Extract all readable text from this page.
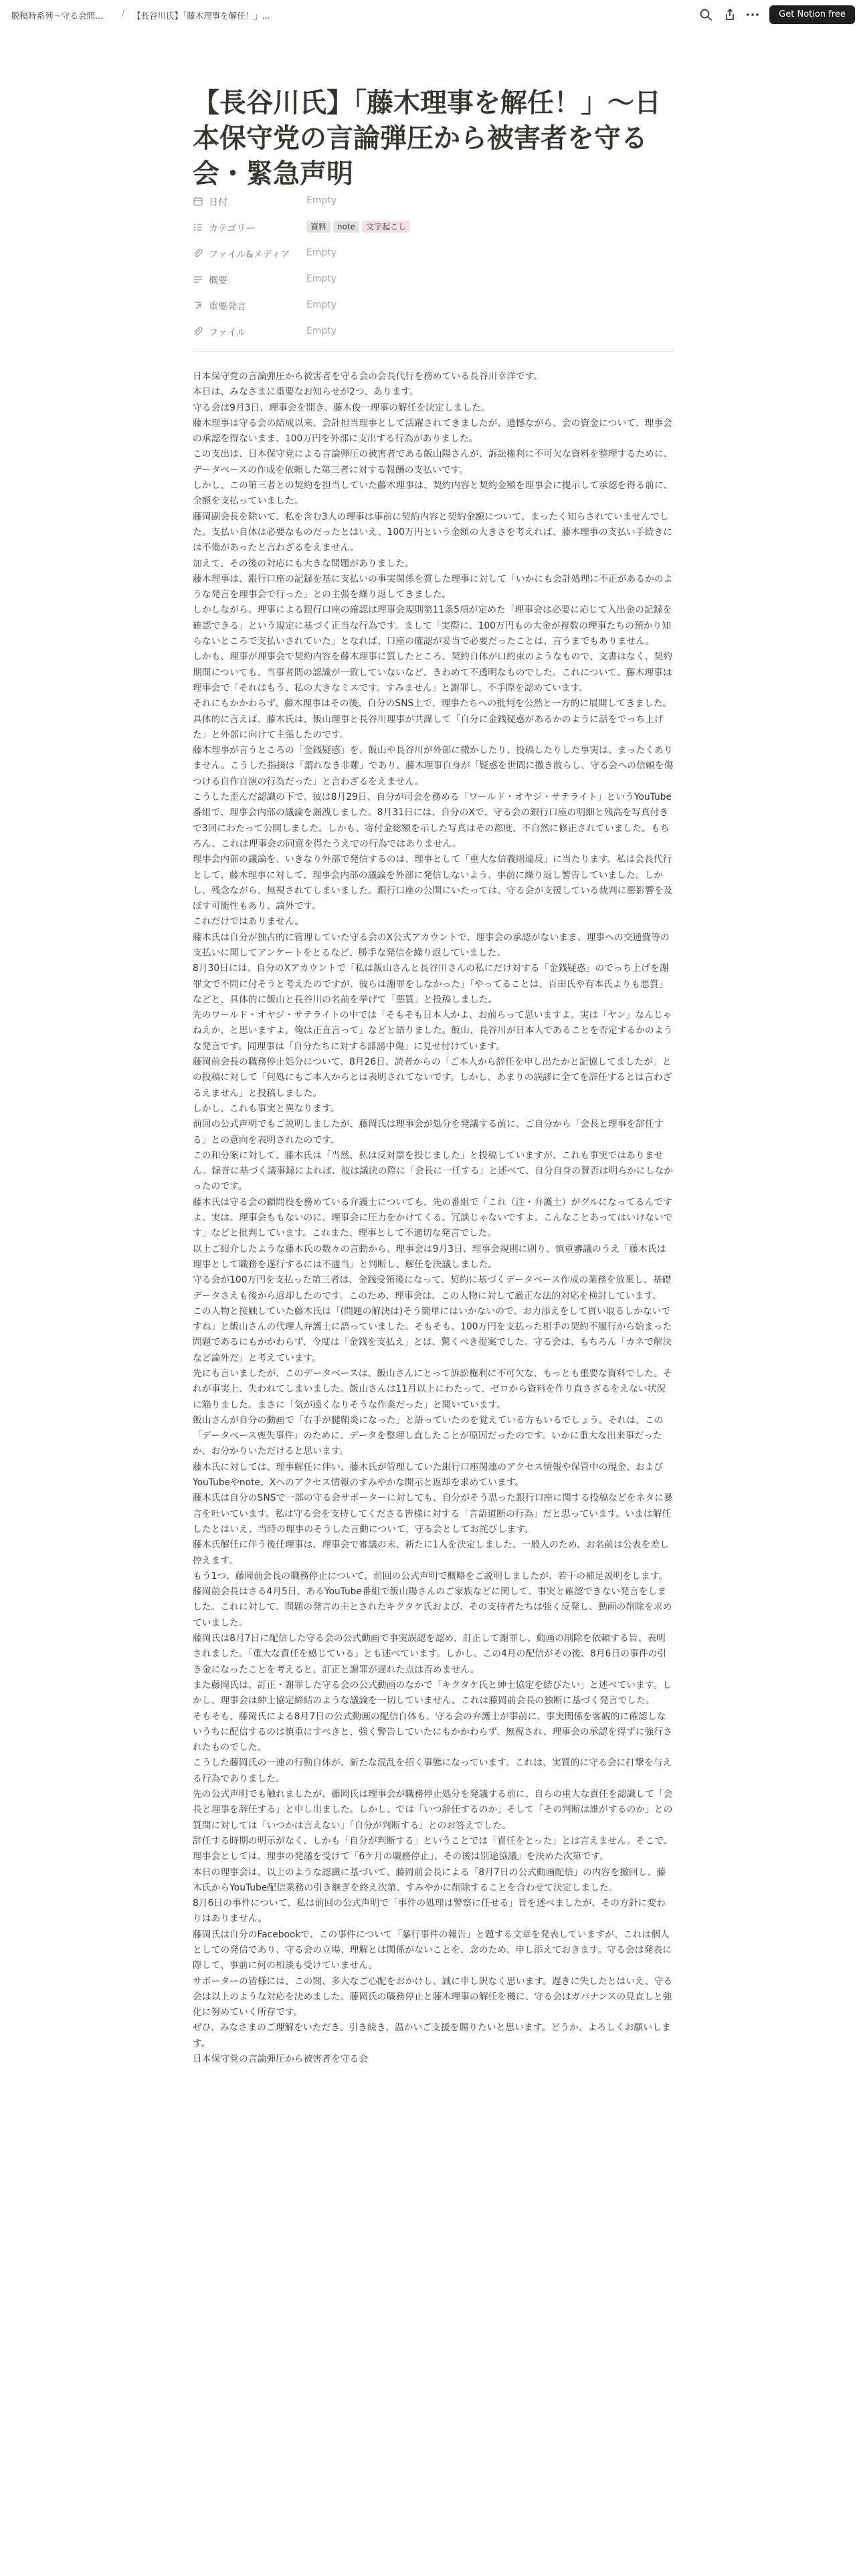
脱稿時系列～守る会問... / 【長谷川氏】「藤木理事を解任！」...	Get Notion free
【長谷川氏】「藤木理事を解任！」〜日本保守党の言論弾圧から被害者を守る会・緊急声明
日付	Empty
カテゴリー	資料 note 文字起こし
ファイル&メディア Empty
概要	Empty
重要発言	Empty
ファイル	Empty

日本保守党の言論弾圧から被害者を守る会の会長代行を務めている長谷川幸洋です。

本日は、みなさまに重要なお知らせが2つ、あります。

守る会は9月3日、理事会を開き、藤木俊一理事の解任を決定しました。

藤木理事は守る会の結成以来、会計担当理事として活躍されてきましたが、遺憾ながら、会の資金について、理事会の承認を得ないまま、100万円を外部に支出する行為がありました。

この支出は、日本保守党による言論弾圧の被害者である飯山陽さんが、訴訟権利に不可欠な資料を整理するために、データベースの作成を依頼した第三者に対する報酬の支払いです。

しかし、この第三者との契約を担当していた藤木理事は、契約内容と契約金額を理事会に提示して承認を得る前に、全額を支払っていました。

藤岡副会長を除いて、私を含む3人の理事は事前に契約内容と契約金額について、まったく知らされていませんでした。支払い自体は必要なものだったとはいえ、100万円という金額の大きさを考えれば、藤木理事の支払い手続きには不備があったと言わざるをえません。

加えて、その後の対応にも大きな問題がありました。

藤木理事は、銀行口座の記録を基に支払いの事実関係を質した理事に対して「いかにも会計処理に不正があるかのような発言を理事会で行った」との主張を繰り返してきました。

しかしながら、理事による銀行口座の確認は理事会規則第11条5項が定めた「理事会は必要に応じて入出金の記録を確認できる」という規定に基づく正当な行為です。まして「実際に、100万円もの大金が複数の理事たちの預かり知らないところで支払いされていた」となれば、口座の確認が妥当で必要だったことは、言うまでもありません。

しかも、理事が理事会で契約内容を藤木理事に質したところ、契約自体が口約束のようなもので、文書はなく、契約期間についても、当事者間の認識が一致していないなど、きわめて不透明なものでした。これについて、藤木理事は理事会で「それはもう、私の大きなミスです。すみません」と謝罪し、不手際を認めています。

それにもかかわらず、藤木理事はその後、自分のSNS上で、理事たちへの批判を公然と一方的に展開してきました。具体的に言えば、藤木氏は、飯山理事と長谷川理事が共謀して「自分に金銭疑惑があるかのように話をでっち上げた」と外部に向けて主張したのです。

藤木理事が言うところの「金銭疑惑」を、飯山や長谷川が外部に撒かしたり、投稿したりした事実は、まったくありません。こうした指摘は「謂れなき非難」であり、藤木理事自身が「疑惑を世間に撒き散らし、守る会への信頼を傷つける自作自演の行為だった」と言わざるをえません。

こうした歪んだ認識の下で、彼は8月29日、自分が司会を務める「ワールド・オヤジ・サテライト」というYouTube番組で、理事会内部の議論を漏洩しました。8月31日には、自分のXで、守る会の銀行口座の明細と残高を写真付きで3回にわたって公開しました。しかも、寄付金総額を示した写真はその都度、不自然に修正されていました。もちろん、これは理事会の同意を得たうえでの行為ではありません。

理事会内部の議論を、いきなり外部で発信するのは、理事として「重大な信義則違反」に当たります。私は会長代行として、藤木理事に対して、理事会内部の議論を外部に発信しないよう、事前に繰り返し警告していました。しかし、残念ながら、無視されてしまいました。銀行口座の公開にいたっては、守る会が支援している裁判に悪影響を及ぼす可能性もあり、論外です。

これだけではありません。

藤木氏は自分が独占的に管理していた守る会のX公式アカウントで、理事会の承認がないまま、理事への交通費等の支払いに関してアンケートをとるなど、勝手な発信を繰り返していました。

8月30日には、自分のXアカウントで「私は飯山さんと長谷川さんの私にだけ対する「金銭疑惑」のでっち上げを謝罪文で不問に付そうと考えたのですが、彼らは謝罪をしなかった」「やってることは、百田氏や有本氏よりも悪質」などと、具体的に飯山と長谷川の名前を挙げて「悪質」と投稿しました。

先のワールド・オヤジ・サテライトの中では「そもそも日本人かよ、お前らって思いますよ。実は「ヤン」なんじゃねえか、と思いますよ。俺は正直言って」などと語りました。飯山、長谷川が日本人であることを否定するかのような発言です。同理事は「自分たちに対する誹謗中傷」に見せ付けています。

藤岡前会長の職務停止処分について、8月26日、読者からの「ご本人から辞任を申し出たかと記憶してましたが」との投稿に対して「何処にもご本人からとは表明されてないです。しかし、あまりの誤謬に全てを辞任するとは言わざるえません」と投稿しました。

しかし、これも事実と異なります。

前回の公式声明でもご説明しましたが、藤岡氏は理事会が処分を発議する前に、ご自分から「会長と理事を辞任する」との意向を表明されたのです。

この和分案に対して、藤木氏は「当然、私は反対票を投じました」と投稿していますが、これも事実ではありません。録音に基づく議事録によれば、彼は議決の際に「会長に一任する」と述べて、自分自身の賛否は明らかにしなかったのです。

藤木氏は守る会の顧問役を務めている弁護士についても、先の番組で「これ（注・弁護士）がグルになってるんですよ、実は。理事会ももないのに、理事会に圧力をかけてくる。冗談じゃないですよ。こんなことあってはいけないです」などと批判しています。これまた、理事として不適切な発言でした。

以上ご紹介したような藤木氏の数々の言動から、理事会は9月3日、理事会規則に則り、慎重審議のうえ「藤木氏は理事として職務を遂行するには不適当」と判断し、解任を決議しました。

守る会が100万円を支払った第三者は、金銭受領後になって、契約に基づくデータベース作成の業務を放棄し、基礎データさえも後から返却したのです。このため、理事会は、この人物に対して厳正な法的対応を検討しています。

この人物と接触していた藤木氏は「(問題の解決は)そう簡単にはいかないので、お力添えをして買い取るしかないですね」と飯山さんの代理人弁護士に語っていました。そもそも、100万円を支払った相手の契約不履行から始まった問題であるにもかかわらず、今度は「金銭を支払え」とは、驚くべき提案でした。守る会は、もちろん「カネで解決など論外だ」と考えています。

先にも言いましたが、このデータベースは、飯山さんにとって訴訟権利に不可欠な、もっとも重要な資料でした。それが事実上、失われてしまいました。飯山さんは11月以上にわたって、ゼロから資料を作り直さざるをえない状況に陥りました。まさに「気が遠くなりそうな作業だった」と聞いています。

飯山さんが自分の動画で「右手が腱鞘炎になった」と語っていたのを覚えている方もいるでしょう。それは、この「データベース喪失事件」のために、データを整理し直したことが原因だったのです。いかに重大な出来事だったか、お分かりいただけると思います。

藤木氏に対しては、理事解任に伴い、藤木氏が管理していた銀行口座関連のアクセス情報や保管中の現金、およびYouTubeやnote、Xへのアクセス情報のすみやかな開示と返却を求めています。

藤木氏は自分のSNSで一部の守る会サポーターに対しても、自分がそう思った銀行口座に関する投稿などをネタに暴言を吐いています。私は守る会を支持してくださる皆様に対する「言語道断の行為」だと思っています。いまは解任したとはいえ、当時の理事のそうした言動について、守る会としてお詫びします。

藤木氏解任に伴う後任理事は、理事会で審議の末、新たに1人を決定しました。一般人のため、お名前は公表を差し控えます。

もう1つ、藤岡前会長の職務停止について、前回の公式声明で概略をご説明しましたが、若干の補足説明をします。

藤岡前会長はさる4月5日、あるYouTube番組で飯山陽さんのご家族などに関して、事実と確認できない発言をしました。これに対して、問題の発言の主とされたキクタケ氏および、その支持者たちは強く反発し、動画の削除を求めていました。

藤岡氏は8月7日に配信した守る会の公式動画で事実誤認を認め、訂正して謝罪し、動画の削除を依頼する旨、表明されました。「重大な責任を感じている」とも述べています。しかし、この4月の配信がその後、8月6日の事件の引き金になったことを考えると、訂正と謝罪が遅れた点は否めません。

また藤岡氏は、訂正・謝罪した守る会の公式動画のなかで「キクタケ氏と紳士協定を結びたい」と述べています。しかし、理事会は紳士協定締結のような議論を一切していません。これは藤岡前会長の独断に基づく発言でした。

そもそも、藤岡氏による8月7日の公式動画の配信自体も、守る会の弁護士が事前に、事実関係を客観的に確認しないうちに配信するのは慎重にすべきと、強く警告していたにもかかわらず、無視され、理事会の承認を得ずに強行されたものでした。

こうした藤岡氏の一連の行動自体が、新たな混乱を招く事態になっています。これは、実質的に守る会に打撃を与える行為でありました。

先の公式声明でも触れましたが、藤岡氏は理事会が職務停止処分を発議する前に、自らの重大な責任を認識して「会長と理事を辞任する」と申し出ました。しかし、では「いつ辞任するのか」そして「その判断は誰がするのか」との質問に対しては「いつかは言えない」「自分が判断する」とのお答えでした。

辞任する時期の明示がなく、しかも「自分が判断する」ということでは「責任をとった」とは言えません。そこで、理事会としては、理事の発議を受けて「6ケ月の職務停止」、その後は別途協議」を決めた次第です。

本日の理事会は、以上のような認識に基づいて、藤岡前会長による「8月7日の公式動画配信」の内容を撤回し、藤木氏からYouTube配信業務の引き継ぎを終え次第、すみやかに削除することを合わせて決定しました。

8月6日の事件について、私は前回の公式声明で「事件の処理は警察に任せる」旨を述べましたが、その方針に変わりはありません。

藤岡氏は自分のFacebookで、この事件について「暴行事件の報告」と題する文章を発表していますが、これは個人としての発信であり、守る会の立場、理解とは関係がないことを、念のため、申し添えておきます。守る会は発表に際して、事前に何の相談も受けていません。

サポーターの皆様には、この間、多大なご心配をおかけし、誠に申し訳なく思います。遅きに失したとはいえ、守る会は以上のような対応を決めました。藤岡氏の職務停止と藤木理事の解任を機に、守る会はガバナンスの見直しと強化に努めていく所存です。

ぜひ、みなさまのご理解をいただき、引き続き、温かいご支援を賜りたいと思います。どうか、よろしくお願いします。

日本保守党の言論弾圧から被害者を守る会
